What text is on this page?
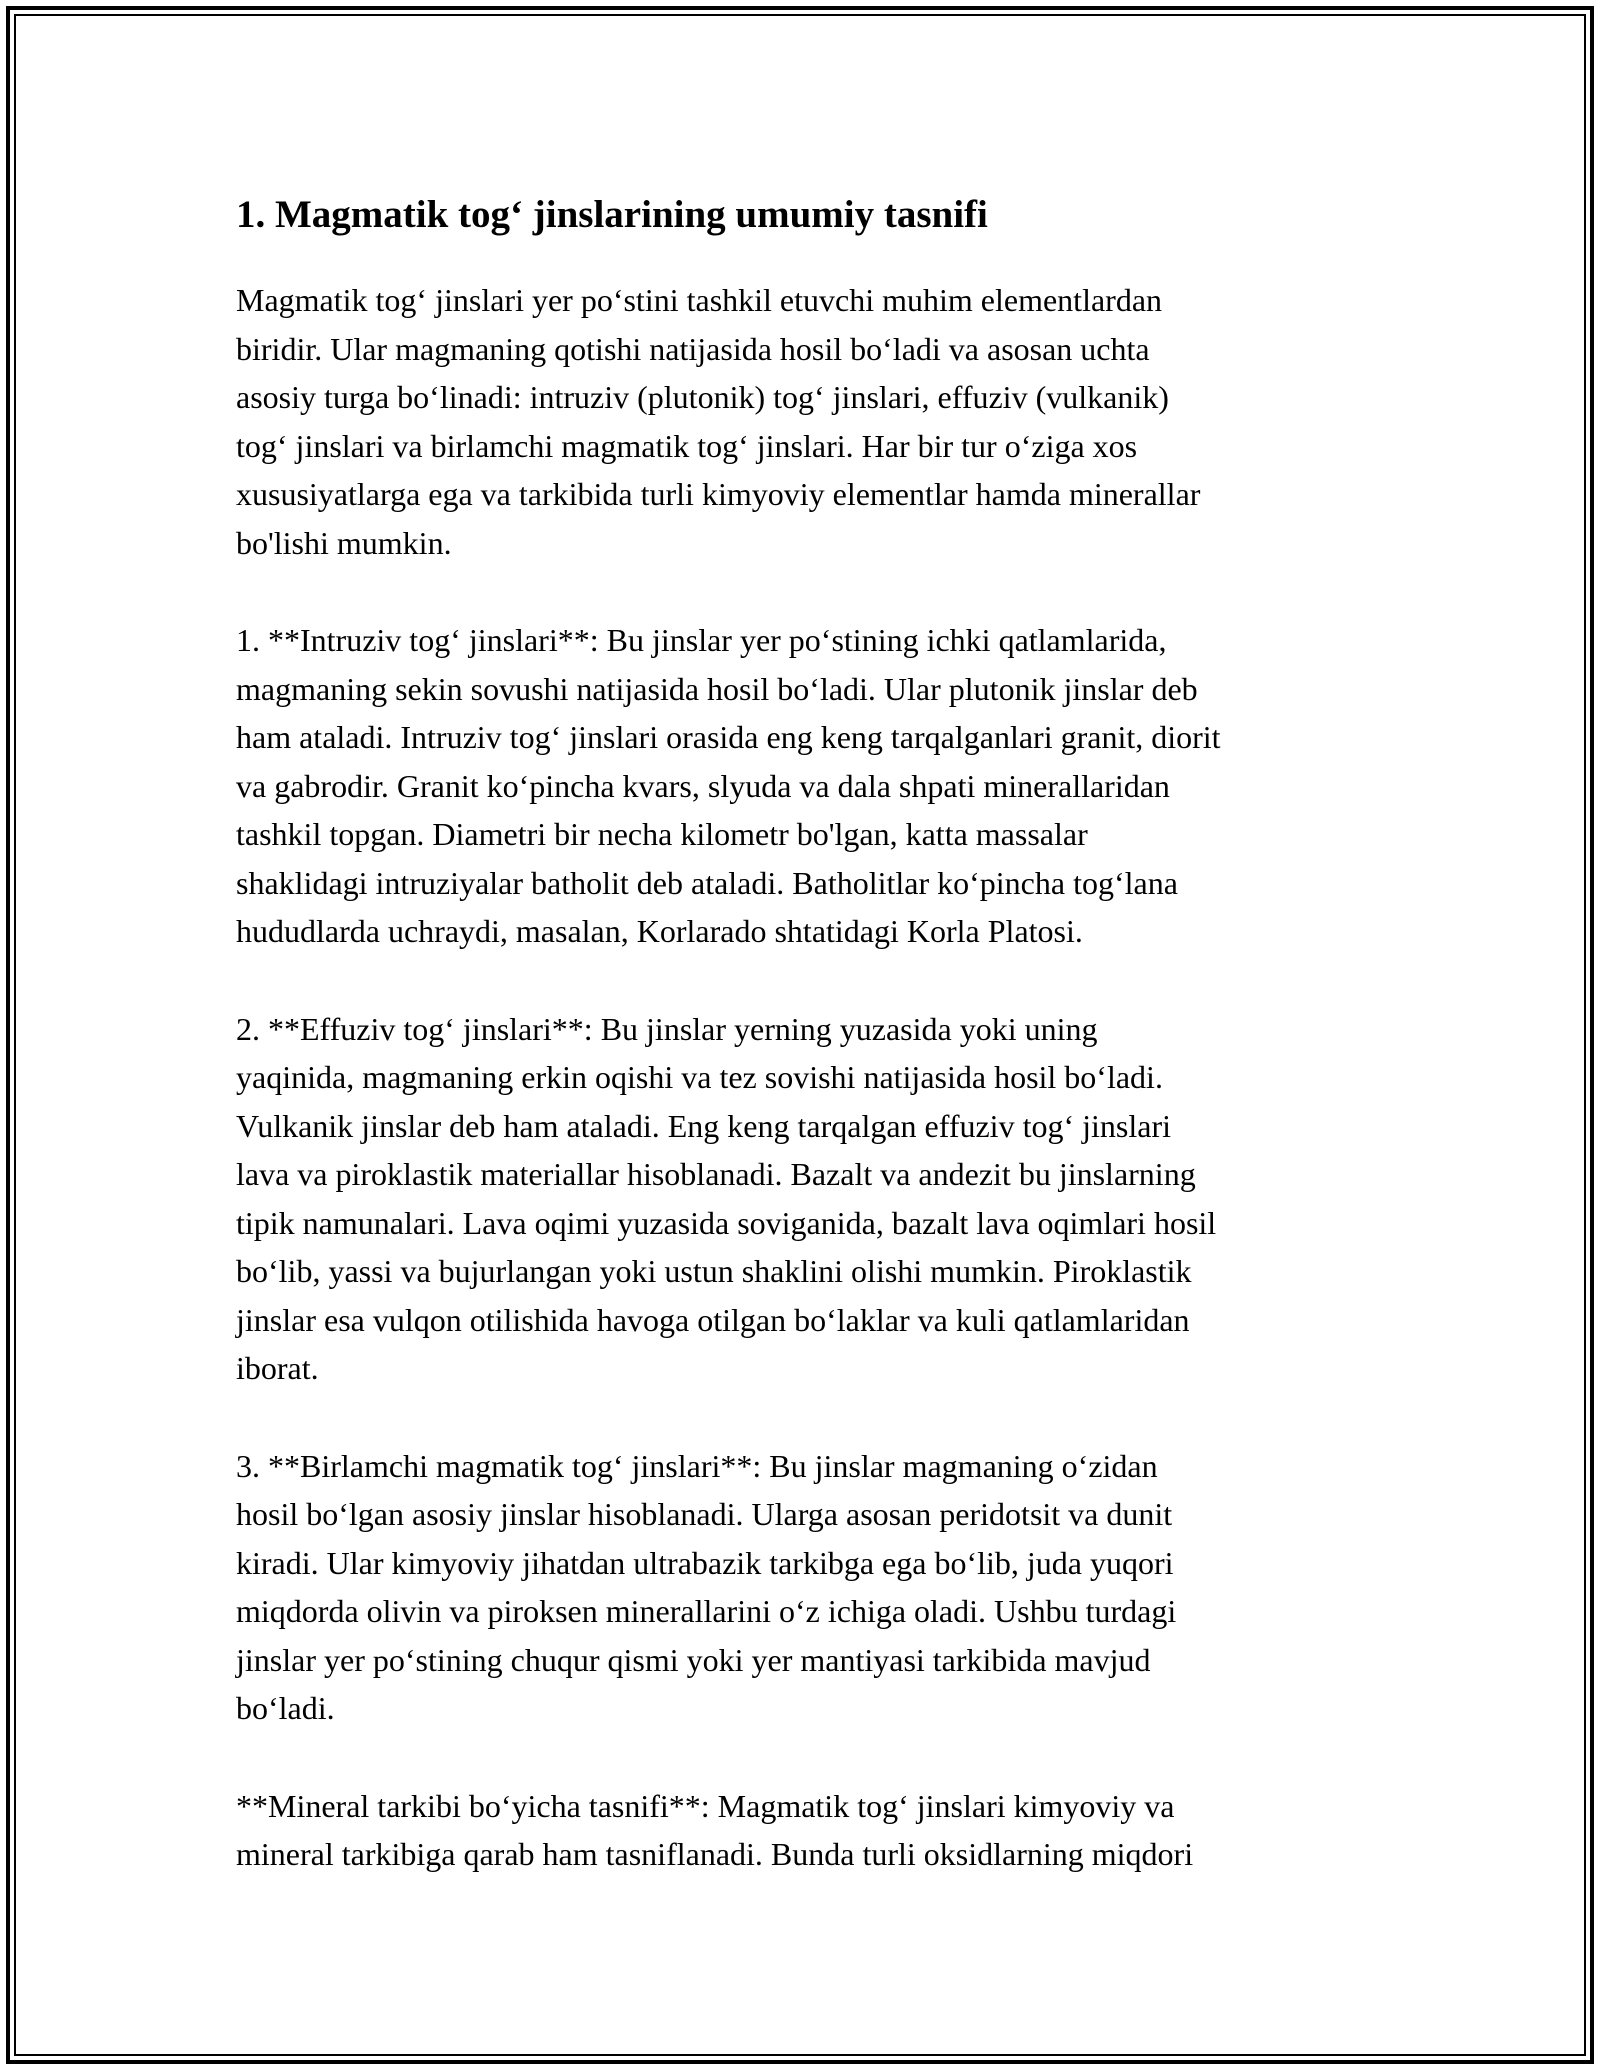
1. Magmatik tog‘ jinslarining umumiy tasnifi

Magmatik tog‘ jinslari yer po‘stini tashkil etuvchi muhim elementlardan
biridir. Ular magmaning qotishi natijasida hosil bo‘ladi va asosan uchta
asosiy turga bo‘linadi: intruziv (plutonik) tog‘ jinslari, effuziv (vulkanik)
tog‘ jinslari va birlamchi magmatik tog‘ jinslari. Har bir tur o‘ziga xos
xususiyatlarga ega va tarkibida turli kimyoviy elementlar hamda minerallar
bo'lishi mumkin.

1. **Intruziv tog‘ jinslari**: Bu jinslar yer po‘stining ichki qatlamlarida,
magmaning sekin sovushi natijasida hosil bo‘ladi. Ular plutonik jinslar deb
ham ataladi. Intruziv tog‘ jinslari orasida eng keng tarqalganlari granit, diorit
va gabrodir. Granit ko‘pincha kvars, slyuda va dala shpati minerallaridan
tashkil topgan. Diametri bir necha kilometr bo'lgan, katta massalar
shaklidagi intruziyalar batholit deb ataladi. Batholitlar ko‘pincha tog‘lana
hududlarda uchraydi, masalan, Korlarado shtatidagi Korla Platosi.

2. **Effuziv tog‘ jinslari**: Bu jinslar yerning yuzasida yoki uning
yaqinida, magmaning erkin oqishi va tez sovishi natijasida hosil bo‘ladi.
Vulkanik jinslar deb ham ataladi. Eng keng tarqalgan effuziv tog‘ jinslari
lava va piroklastik materiallar hisoblanadi. Bazalt va andezit bu jinslarning
tipik namunalari. Lava oqimi yuzasida soviganida, bazalt lava oqimlari hosil
bo‘lib, yassi va bujurlangan yoki ustun shaklini olishi mumkin. Piroklastik
jinslar esa vulqon otilishida havoga otilgan bo‘laklar va kuli qatlamlaridan
iborat.

3. **Birlamchi magmatik tog‘ jinslari**: Bu jinslar magmaning o‘zidan
hosil bo‘lgan asosiy jinslar hisoblanadi. Ularga asosan peridotsit va dunit
kiradi. Ular kimyoviy jihatdan ultrabazik tarkibga ega bo‘lib, juda yuqori
miqdorda olivin va piroksen minerallarini o‘z ichiga oladi. Ushbu turdagi
jinslar yer po‘stining chuqur qismi yoki yer mantiyasi tarkibida mavjud
bo‘ladi.

**Mineral tarkibi bo‘yicha tasnifi**: Magmatik tog‘ jinslari kimyoviy va
mineral tarkibiga qarab ham tasniflanadi. Bunda turli oksidlarning miqdori
